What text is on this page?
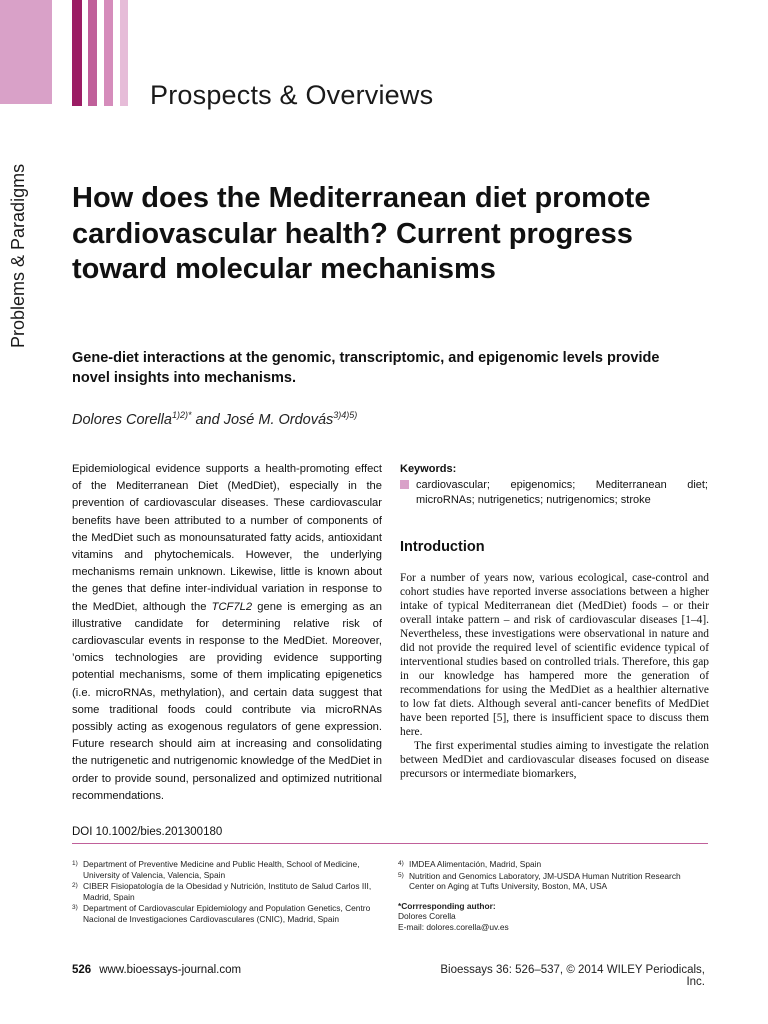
Prospects & Overviews
Problems & Paradigms How does the Mediterranean diet promote cardiovascular health? Current progress toward molecular mechanisms
Gene-diet interactions at the genomic, transcriptomic, and epigenomic levels provide novel insights into mechanisms.
Dolores Corella$^{1)2)*}$ and José M. Ordovás$^{3)4)5)}$
Epidemiological evidence supports a health-promoting effect of the Mediterranean Diet (MedDiet), especially in the prevention of cardiovascular diseases. These cardiovascular benefits have been attributed to a number of components of the MedDiet such as monounsaturated fatty acids, antioxidant vitamins and phytochemicals. However, the underlying mechanisms remain unknown. Likewise, little is known about the genes that define inter-individual variation in response to the MedDiet, although the TCF7L2 gene is emerging as an illustrative candidate for determining relative risk of cardiovascular events in response to the MedDiet. Moreover, ’omics technologies are providing evidence supporting potential mechanisms, some of them implicating epigenetics (i.e. microRNAs, methylation), and certain data suggest that some traditional foods could contribute via microRNAs possibly acting as exogenous regulators of gene expression. Future research should aim at increasing and consolidating the nutrigenetic and nutrigenomic knowledge of the MedDiet in order to provide sound, personalized and optimized nutritional recommendations.
Keywords:
cardiovascular; epigenomics; Mediterranean diet; microRNAs; nutrigenetics; nutrigenomics; stroke
Introduction

For a number of years now, various ecological, case-control and cohort studies have reported inverse associations between a higher intake of typical Mediterranean diet (MedDiet) foods – or their overall intake pattern – and risk of cardiovascular diseases [1–4]. Nevertheless, these investigations were observational in nature and did not provide the required level of scientific evidence typical of interventional studies based on controlled trials. Therefore, this gap in our knowledge has hampered more the generation of recommendations for using the MedDiet as a healthier alternative to low fat diets. Although several anti-cancer benefits of MedDiet have been reported [5], there is insufficient space to discuss them here.

The first experimental studies aiming to investigate the relation between MedDiet and cardiovascular diseases focused on disease precursors or intermediate biomarkers,

DOI 10.1002/bies.201300180
1) Department of Preventive Medicine and Public Health, School of Medicine, University of Valencia, Valencia, Spain
2) CIBER Fisiopatología de la Obesidad y Nutrición, Instituto de Salud Carlos III, Madrid, Spain
3) Department of Cardiovascular Epidemiology and Population Genetics, Centro Nacional de Investigaciones Cardiovasculares (CNIC), Madrid, Spain
4) IMDEA Alimentación, Madrid, Spain
5) Nutrition and Genomics Laboratory, JM-USDA Human Nutrition Research Center on Aging at Tufts University, Boston, MA, USA
*Corrresponding author:
Dolores Corella
E-mail: dolores.corella@uv.es
526 www.bioessays-journal.com	Bioessays 36: 526–537, © 2014 WILEY Periodicals, Inc.
